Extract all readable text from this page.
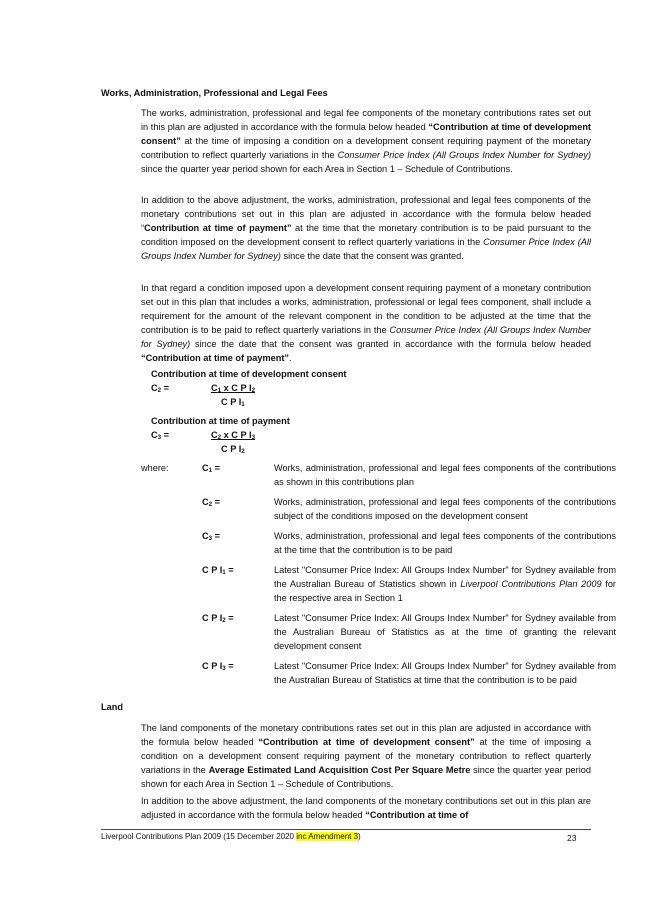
Works, Administration, Professional and Legal Fees

The works, administration, professional and legal fee components of the monetary contributions rates set out in this plan are adjusted in accordance with the formula below headed “Contribution at time of development consent” at the time of imposing a condition on a development consent requiring payment of the monetary contribution to reflect quarterly variations in the Consumer Price Index (All Groups Index Number for Sydney) since the quarter year period shown for each Area in Section 1 – Schedule of Contributions.

In addition to the above adjustment, the works, administration, professional and legal fees components of the monetary contributions set out in this plan are adjusted in accordance with the formula below headed “Contribution at time of payment” at the time that the monetary contribution is to be paid pursuant to the condition imposed on the development consent to reflect quarterly variations in the Consumer Price Index (All Groups Index Number for Sydney) since the date that the consent was granted.

In that regard a condition imposed upon a development consent requiring payment of a monetary contribution set out in this plan that includes a works, administration, professional or legal fees component, shall include a requirement for the amount of the relevant component in the condition to be adjusted at the time that the contribution is to be paid to reflect quarterly variations in the Consumer Price Index (All Groups Index Number for Sydney) since the date that the consent was granted in accordance with the formula below headed “Contribution at time of payment”.

Contribution at time of development consent
$C_2$ =	$C_1$ x C P $I_2$
C P $I_1$
Contribution at time of payment
$C_3$ =	$C_2$ x C P $I_3$
C P $I_2$
where:	$C_1$ =	Works, administration, professional and legal fees components of the contributions as shown in this contributions plan
$C_2$ =	Works, administration, professional and legal fees components of the contributions subject of the conditions imposed on the development consent
$C_3$ =	Works, administration, professional and legal fees components of the contributions at the time that the contribution is to be paid
C P $I_1$ =	Latest "Consumer Price Index: All Groups Index Number" for Sydney available from the Australian Bureau of Statistics shown in Liverpool Contributions Plan 2009 for the respective area in Section 1
C P $I_2$ =	Latest "Consumer Price Index: All Groups Index Number" for Sydney available from the Australian Bureau of Statistics as at the time of granting the relevant development consent
C P $I_3$ =	Latest "Consumer Price Index: All Groups Index Number" for Sydney available from the Australian Bureau of Statistics at time that the contribution is to be paid
Land

The land components of the monetary contributions rates set out in this plan are adjusted in accordance with the formula below headed “Contribution at time of development consent” at the time of imposing a condition on a development consent requiring payment of the monetary contribution to reflect quarterly variations in the Average Estimated Land Acquisition Cost Per Square Metre since the quarter year period shown for each Area in Section 1 – Schedule of Contributions.

In addition to the above adjustment, the land components of the monetary contributions set out in this plan are adjusted in accordance with the formula below headed “Contribution at time of

Liverpool Contributions Plan 2009 (15 December 2020 inc Amendment 3)	23
